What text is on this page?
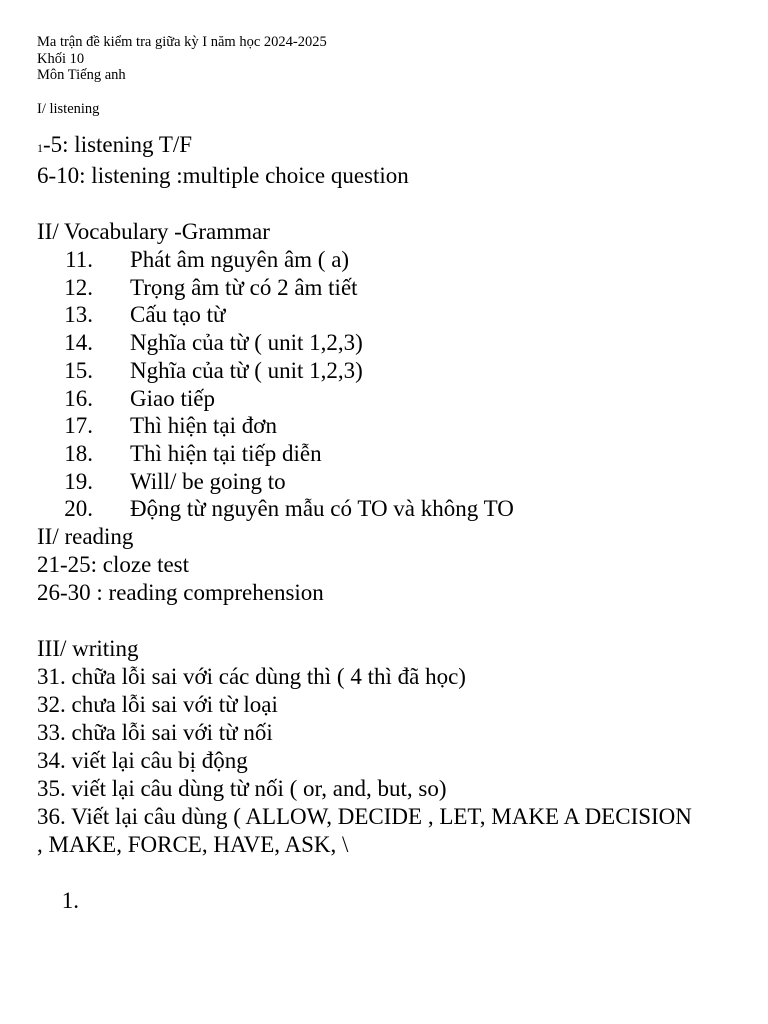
Ma trận đề kiểm tra giữa kỳ I năm học 2024-2025

Khối 10

Môn Tiếng anh

I/ listening

1-5: listening T/F

6-10: listening :multiple choice question

II/ Vocabulary -Grammar

11.	Phát âm nguyên âm ( a)
12.	Trọng âm từ có 2 âm tiết
13.	Cấu tạo từ
14.	Nghĩa của từ ( unit 1,2,3)
15.	Nghĩa của từ ( unit 1,2,3)
16.	Giao tiếp
17.	Thì hiện tại đơn
18.	Thì hiện tại tiếp diễn
19.	Will/ be going to
20.	Động từ nguyên mẫu có TO và không TO

II/ reading

21-25: cloze test

26-30 : reading comprehension

III/ writing

31. chữa lỗi sai với các dùng thì ( 4 thì đã học)

32. chưa lỗi sai với từ loại

33. chữa lỗi sai với từ nối

34. viết lại câu bị động

35. viết lại câu dùng từ nối ( or, and, but, so)

36. Viết lại câu dùng ( ALLOW, DECIDE , LET, MAKE A DECISION , MAKE, FORCE, HAVE, ASK, \

1.
